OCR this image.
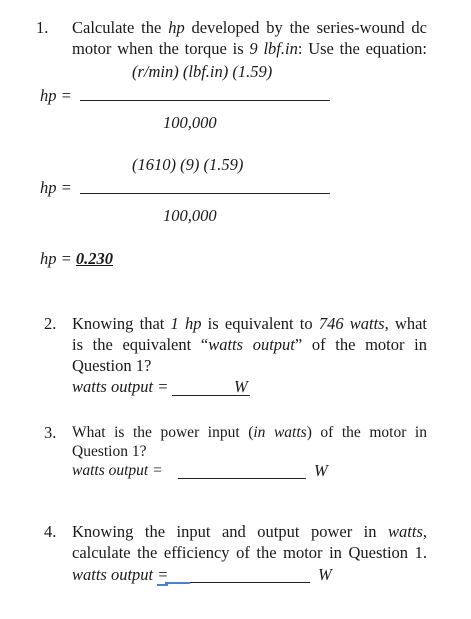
1. Calculate the hp developed by the series-wound dc
motor when the torque is 9 lbf.in: Use the equation:
(r/min) (lbf.in) (1.59)
hp =
100,000
(1610) (9) (1.59)
hp =
100,000
hp = 0.230
2. Knowing that 1 hp is equivalent to 746 watts, what
is the equivalent “watts output” of the motor in
Question 1?
watts output =	W
3. What is the power input (in watts) of the motor in
Question 1?
watts output =	W
4. Knowing the input and output power in watts,
calculate the efficiency of the motor in Question 1.
watts output =	W
